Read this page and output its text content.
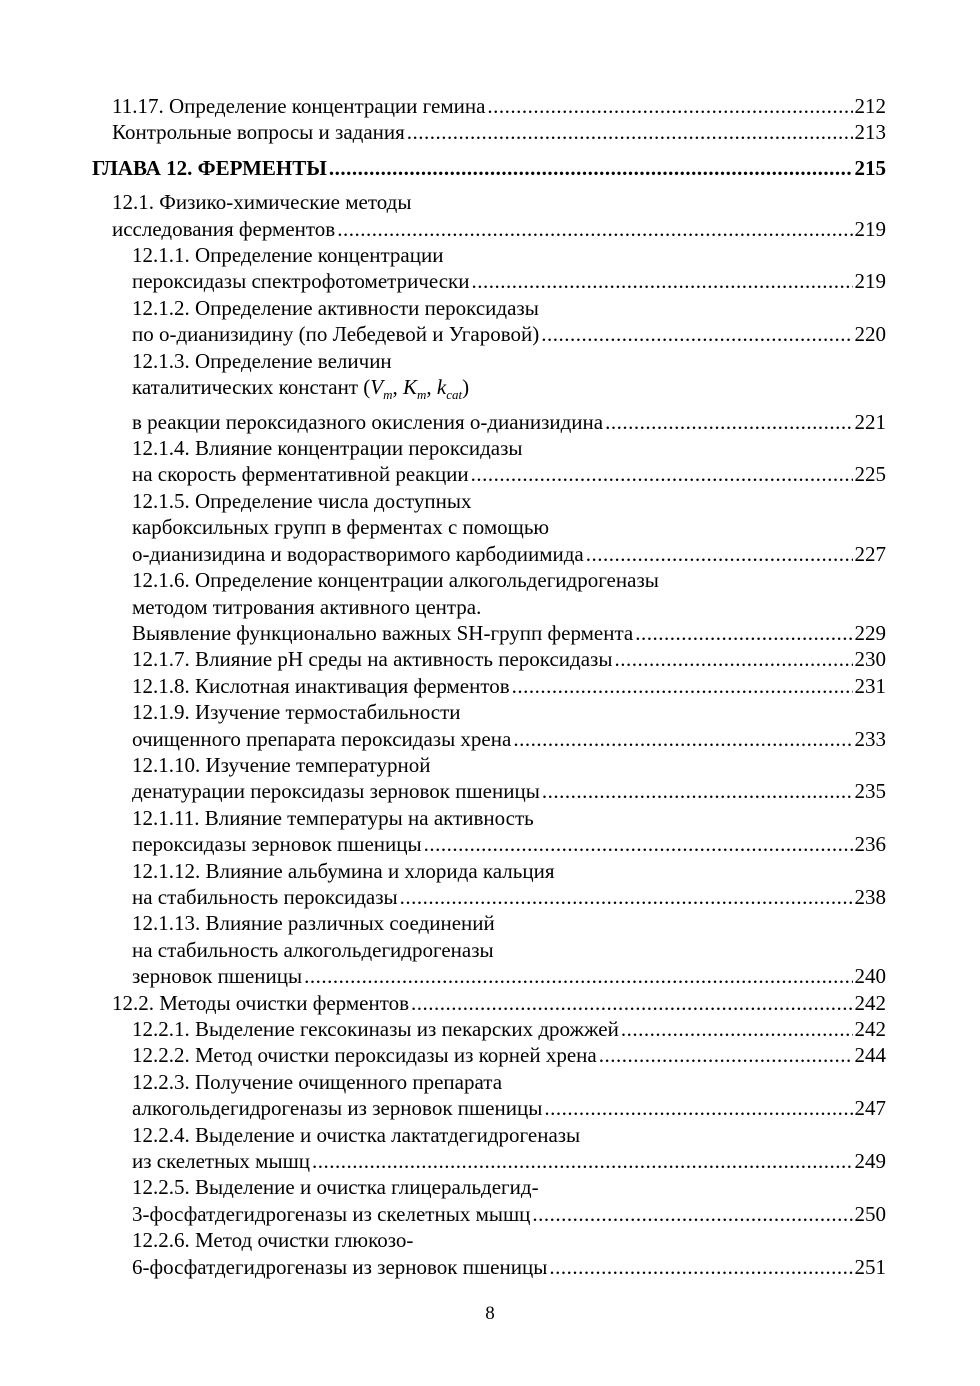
11.17. Определение концентрации гемина .....	212
Контрольные вопросы и задания .....	213
ГЛАВА 12. ФЕРМЕНТЫ .....	215
12.1. Физико-химические методы
исследования ферментов .....	219
12.1.1. Определение концентрации
пероксидазы спектрофотометрически .....	219
12.1.2. Определение активности пероксидазы
по о-дианизидину (по Лебедевой и Угаровой) .....	220
12.1.3. Определение величин
каталитических констант ($V_m$, $K_m$, $k_{cat}$)
в реакции пероксидазного окисления о-дианизидина .....	221
12.1.4. Влияние концентрации пероксидазы
на скорость ферментативной реакции .....	225
12.1.5. Определение числа доступных
карбоксильных групп в ферментах с помощью
о-дианизидина и водорастворимого карбодиимида .....	227
12.1.6. Определение концентрации алкогольдегидрогеназы
методом титрования активного центра.
Выявление функционально важных SH-групп фермента .....	229
12.1.7. Влияние pH среды на активность пероксидазы .....	230
12.1.8. Кислотная инактивация ферментов .....	231
12.1.9. Изучение термостабильности
очищенного препарата пероксидазы хрена .....	233
12.1.10. Изучение температурной
денатурации пероксидазы зерновок пшеницы .....	235
12.1.11. Влияние температуры на активность
пероксидазы зерновок пшеницы .....	236
12.1.12. Влияние альбумина и хлорида кальция
на стабильность пероксидазы .....	238
12.1.13. Влияние различных соединений
на стабильность алкогольдегидрогеназы
зерновок пшеницы .....	240
12.2. Методы очистки ферментов .....	242
12.2.1. Выделение гексокиназы из пекарских дрожжей .....	242
12.2.2. Метод очистки пероксидазы из корней хрена .....	244
12.2.3. Получение очищенного препарата
алкогольдегидрогеназы из зерновок пшеницы .....	247
12.2.4. Выделение и очистка лактатдегидрогеназы
из скелетных мышц .....	249
12.2.5. Выделение и очистка глицеральдегид-
3-фосфатдегидрогеназы из скелетных мышц .....	250
12.2.6. Метод очистки глюкозо-
6-фосфатдегидрогеназы из зерновок пшеницы .....	251
8
